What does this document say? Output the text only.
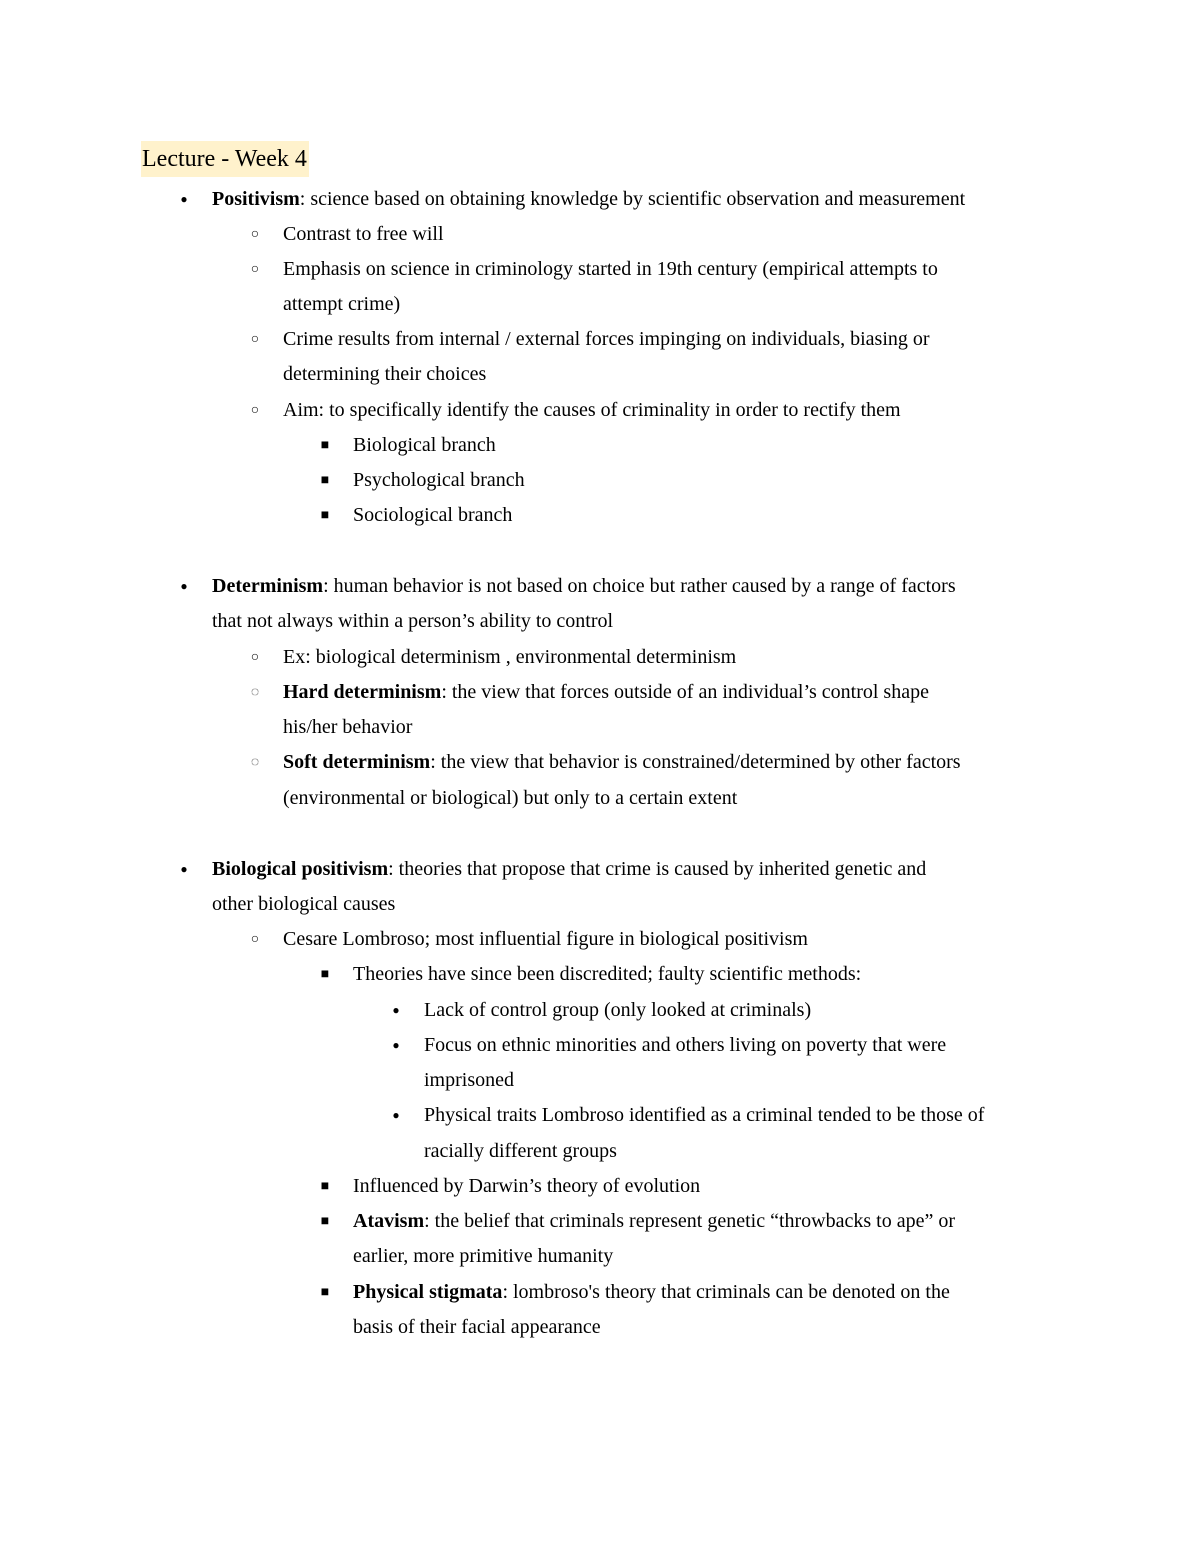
Lecture - Week 4
● Positivism: science based on obtaining knowledge by scientific observation and measurement
○ Contrast to free will
○ Emphasis on science in criminology started in 19th century (empirical attempts to
attempt crime)
○ Crime results from internal / external forces impinging on individuals, biasing or
determining their choices
○ Aim: to specifically identify the causes of criminality in order to rectify them
■ Biological branch
■ Psychological branch
■ Sociological branch
● Determinism: human behavior is not based on choice but rather caused by a range of factors
that not always within a person’s ability to control
○ Ex: biological determinism , environmental determinism
◌ Hard determinism: the view that forces outside of an individual’s control shape
his/her behavior
◌ Soft determinism: the view that behavior is constrained/determined by other factors
(environmental or biological) but only to a certain extent
● Biological positivism: theories that propose that crime is caused by inherited genetic and
other biological causes
○ Cesare Lombroso; most influential figure in biological positivism
■ Theories have since been discredited; faulty scientific methods:
● Lack of control group (only looked at criminals)
● Focus on ethnic minorities and others living on poverty that were
imprisoned
● Physical traits Lombroso identified as a criminal tended to be those of
racially different groups
■ Influenced by Darwin’s theory of evolution
■ Atavism: the belief that criminals represent genetic “throwbacks to ape” or
earlier, more primitive humanity
■ Physical stigmata: lombroso's theory that criminals can be denoted on the
basis of their facial appearance
